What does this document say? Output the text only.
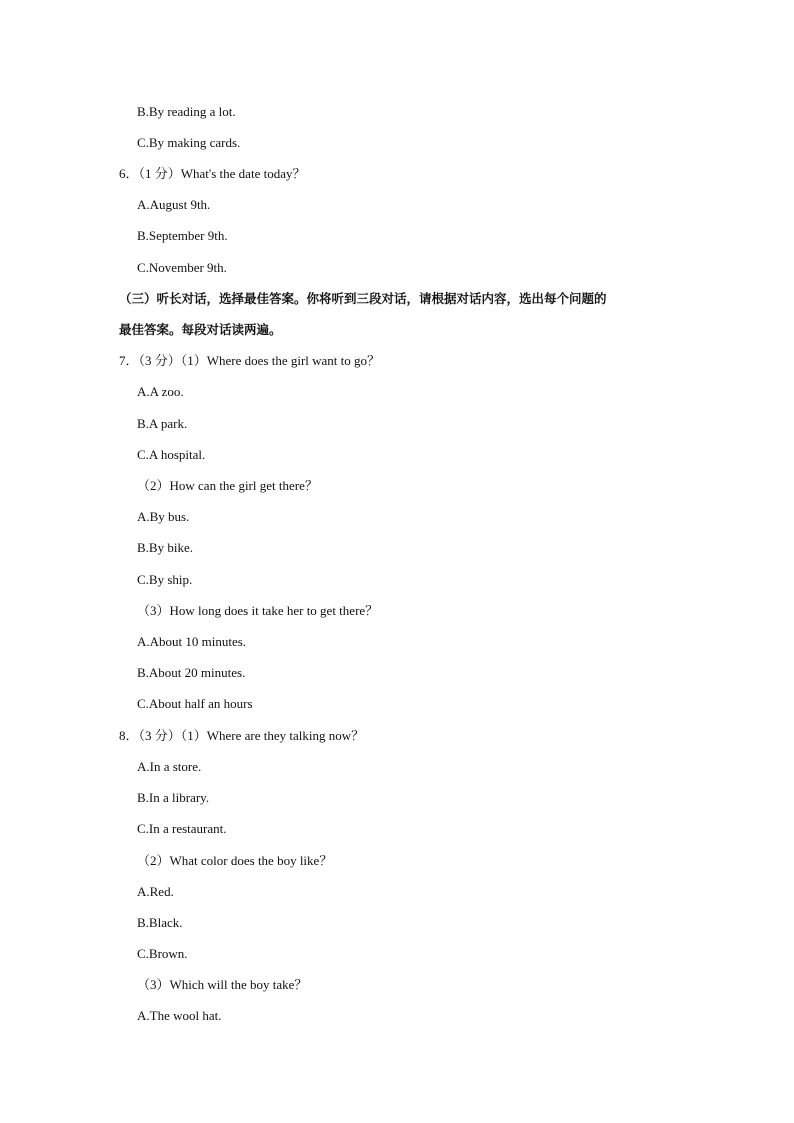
B.By reading a lot.
C.By making cards.
6．（1 分）What's the date today？
A.August 9th.
B.September 9th.
C.November 9th.
（三）听长对话，选择最佳答案。你将听到三段对话，请根据对话内容，选出每个问题的
最佳答案。每段对话读两遍。
7．（3 分）（1）Where does the girl want to go？
A.A zoo.
B.A park.
C.A hospital.
（2）How can the girl get there？
A.By bus.
B.By bike.
C.By ship.
（3）How long does it take her to get there？
A.About 10 minutes.
B.About 20 minutes.
C.About half an hours
8．（3 分）（1）Where are they talking now？
A.In a store.
B.In a library.
C.In a restaurant.
（2）What color does the boy like？
A.Red.
B.Black.
C.Brown.
（3）Which will the boy take？
A.The wool hat.
